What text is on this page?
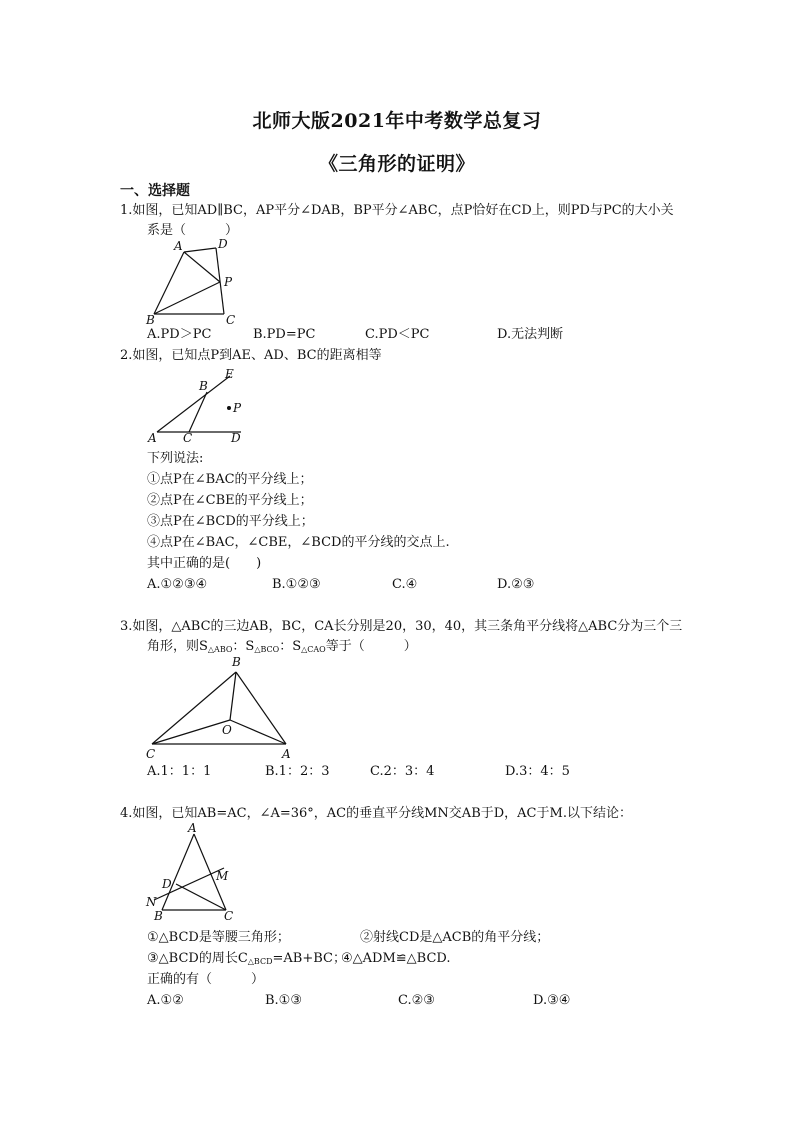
北师大版2021年中考数学总复习
《三角形的证明》
一、选择题
1.如图，已知AD∥BC，AP平分∠DAB，BP平分∠ABC，点P恰好在CD上，则PD与PC的大小关
系是（　　　）
A	D
P
B	C
A.PD＞PC	B.PD=PC	C.PD＜PC	D.无法判断
2.如图，已知点P到AE、AD、BC的距离相等
E
B
P
A C	D
下列说法:
①点P在∠BAC的平分线上；
②点P在∠CBE的平分线上；
③点P在∠BCD的平分线上；
④点P在∠BAC，∠CBE，∠BCD的平分线的交点上.
其中正确的是(　　)
A.①②③④	B.①②③	C.④	D.②③
3.如图，△ABC的三边AB，BC，CA长分别是20，30，40，其三条角平分线将△ABC分为三个三
角形，则$S_{\triangle ABO}$：$S_{\triangle BCO}$：$S_{\triangle CAO}$等于（　　　）
B
O
C	A
A.1：1：1	B.1：2：3	C.2：3：4	D.3：4：5
4.如图，已知AB=AC，∠A=36°，AC的垂直平分线MN交AB于D，AC于M.以下结论：
A
M
D
N
B	C
①△BCD是等腰三角形；	②射线CD是△ACB的角平分线；
③△BCD的周长$C_{\triangle BCD}=AB+BC$；
④△ADM≌△BCD.
正确的有（　　　）
A.①②	B.①③	C.②③	D.③④
